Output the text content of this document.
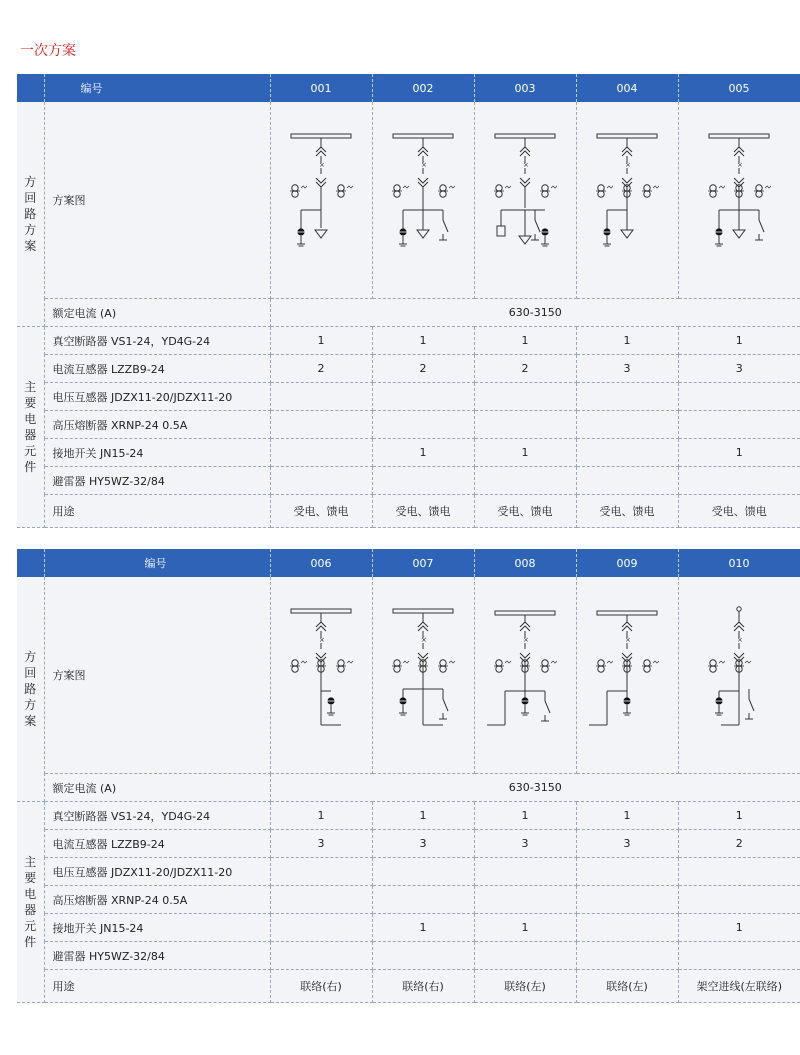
一次方案
	编号	001	002	003	004	005

方回路方案	方案图	×	×	×	×	×

	额定电流 (A)	630-3150				

主要电器元件	真空断路器 VS1-24，YD4G-24	1	1	1	1	1
	电流互感器 LZZB9-24	2	2	2	3	3
	电压互感器 JDZX11-20/JDZX11-20					
	高压熔断器 XRNP-24 0.5A					
	接地开关 JN15-24		1	1		1
	避雷器 HY5WZ-32/84					
	用途	受电、馈电	受电、馈电	受电、馈电	受电、馈电	受电、馈电
	编号	006	007	008	009	010

方回路方案	方案图	×	×	×	×	×

	额定电流 (A)	630-3150				

主要电器元件	真空断路器 VS1-24，YD4G-24	1	1	1	1	1
	电流互感器 LZZB9-24	3	3	3	3	2
	电压互感器 JDZX11-20/JDZX11-20					
	高压熔断器 XRNP-24 0.5A					
	接地开关 JN15-24		1	1		1
	避雷器 HY5WZ-32/84					
	用途	联络(右)	联络(右)	联络(左)	联络(左)	架空进线(左联络)
